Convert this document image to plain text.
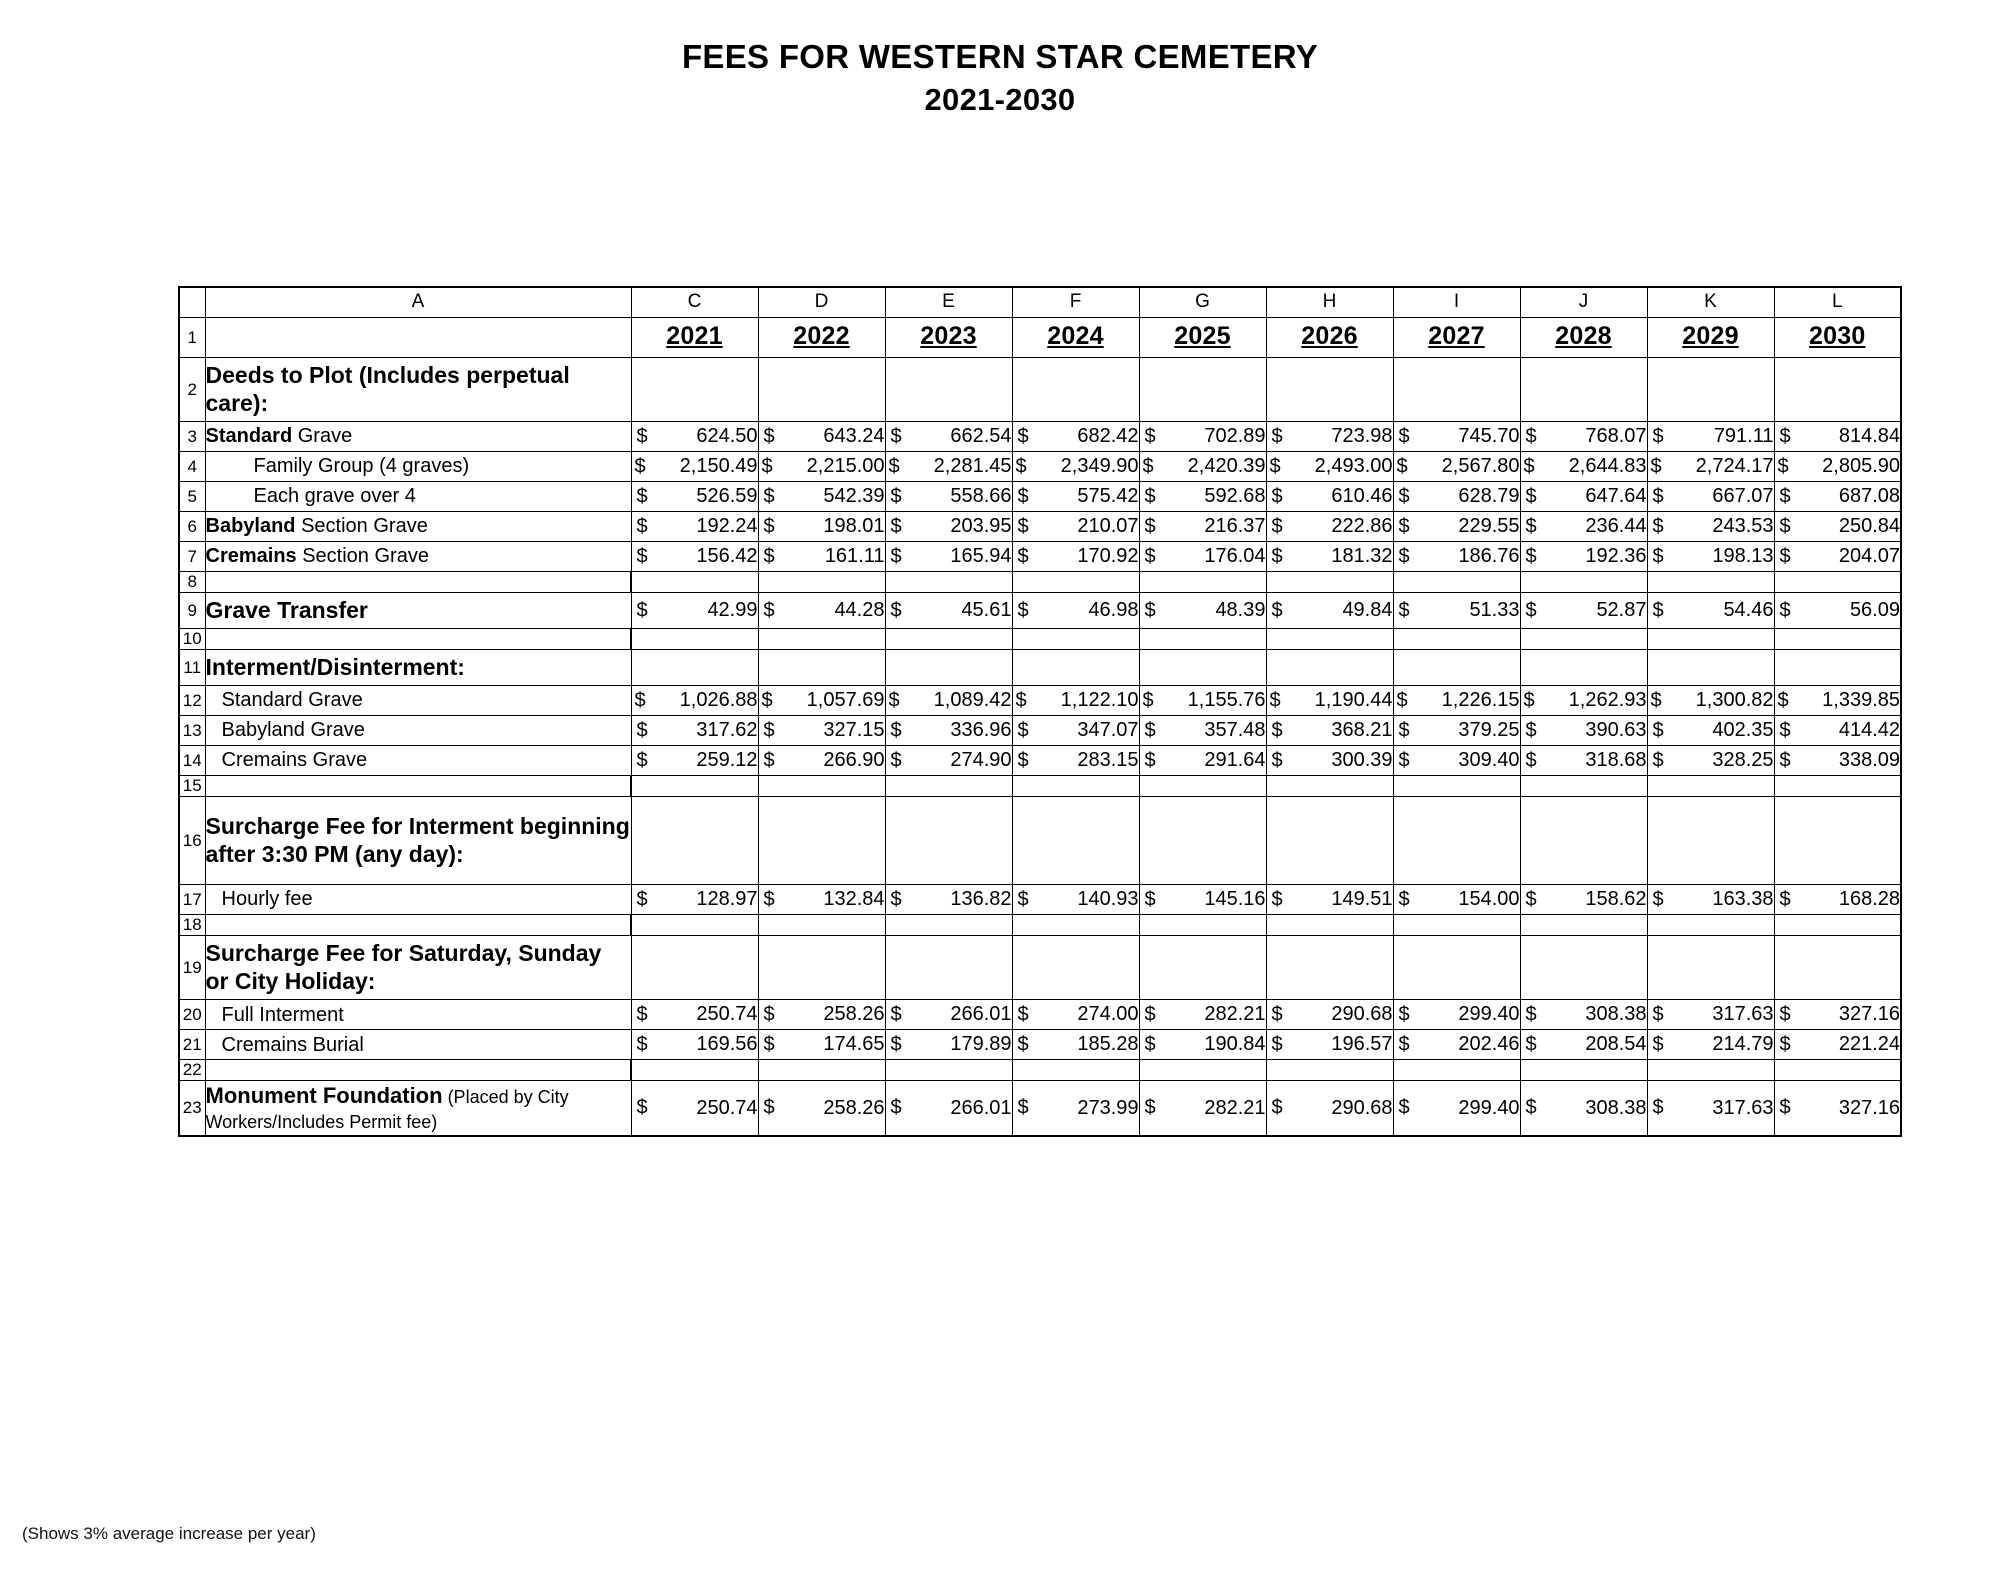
FEES FOR WESTERN STAR CEMETERY
2021-2030
	A	C	D	E	F	G	H	I	J	K	L
1		2021	2022	2023	2024	2025	2026	2027	2028	2029	2030

2	Deeds to Plot (Includes perpetual care):										
3	Standard Grave	$ 624.50	$ 643.24	$ 662.54	$ 682.42	$ 702.89	$ 723.98	$ 745.70	$ 768.07	$ 791.11	$ 814.84

4	Family Group (4 graves)	$ 2,150.49	$ 2,215.00	$ 2,281.45	$ 2,349.90	$ 2,420.39	$ 2,493.00	$ 2,567.80	$ 2,644.83	$ 2,724.17	$ 2,805.90

5	Each grave over 4	$ 526.59	$ 542.39	$ 558.66	$ 575.42	$ 592.68	$ 610.46	$ 628.79	$ 647.64	$ 667.07	$ 687.08

6	Babyland Section Grave	$ 192.24	$ 198.01	$ 203.95	$ 210.07	$ 216.37	$ 222.86	$ 229.55	$ 236.44	$ 243.53	$ 250.84

7	Cremains Section Grave	$ 156.42	$ 161.11	$ 165.94	$ 170.92	$ 176.04	$ 181.32	$ 186.76	$ 192.36	$ 198.13	$ 204.07

8											
9	Grave Transfer	$ 42.99	$ 44.28	$ 45.61	$ 46.98	$ 48.39	$ 49.84	$ 51.33	$ 52.87	$ 54.46	$ 56.09

10											
11	Interment/Disinterment:										
12	Standard Grave	$ 1,026.88	$ 1,057.69	$ 1,089.42	$ 1,122.10	$ 1,155.76	$ 1,190.44	$ 1,226.15	$ 1,262.93	$ 1,300.82	$ 1,339.85

13	Babyland Grave	$ 317.62	$ 327.15	$ 336.96	$ 347.07	$ 357.48	$ 368.21	$ 379.25	$ 390.63	$ 402.35	$ 414.42

14	Cremains Grave	$ 259.12	$ 266.90	$ 274.90	$ 283.15	$ 291.64	$ 300.39	$ 309.40	$ 318.68	$ 328.25	$ 338.09

15											
16	Surcharge Fee for Interment beginning after 3:30 PM (any day):										
17	Hourly fee	$ 128.97	$ 132.84	$ 136.82	$ 140.93	$ 145.16	$ 149.51	$ 154.00	$ 158.62	$ 163.38	$ 168.28

18											
19	Surcharge Fee for Saturday, Sunday or City Holiday:										
20	Full Interment	$ 250.74	$ 258.26	$ 266.01	$ 274.00	$ 282.21	$ 290.68	$ 299.40	$ 308.38	$ 317.63	$ 327.16

21	Cremains Burial	$ 169.56	$ 174.65	$ 179.89	$ 185.28	$ 190.84	$ 196.57	$ 202.46	$ 208.54	$ 214.79	$ 221.24

22											
23	Monument Foundation (Placed by City Workers/Includes Permit fee)	$ 250.74	$ 258.26	$ 266.01	$ 273.99	$ 282.21	$ 290.68	$ 299.40	$ 308.38	$ 317.63	$ 327.16
(Shows 3% average increase per year)
